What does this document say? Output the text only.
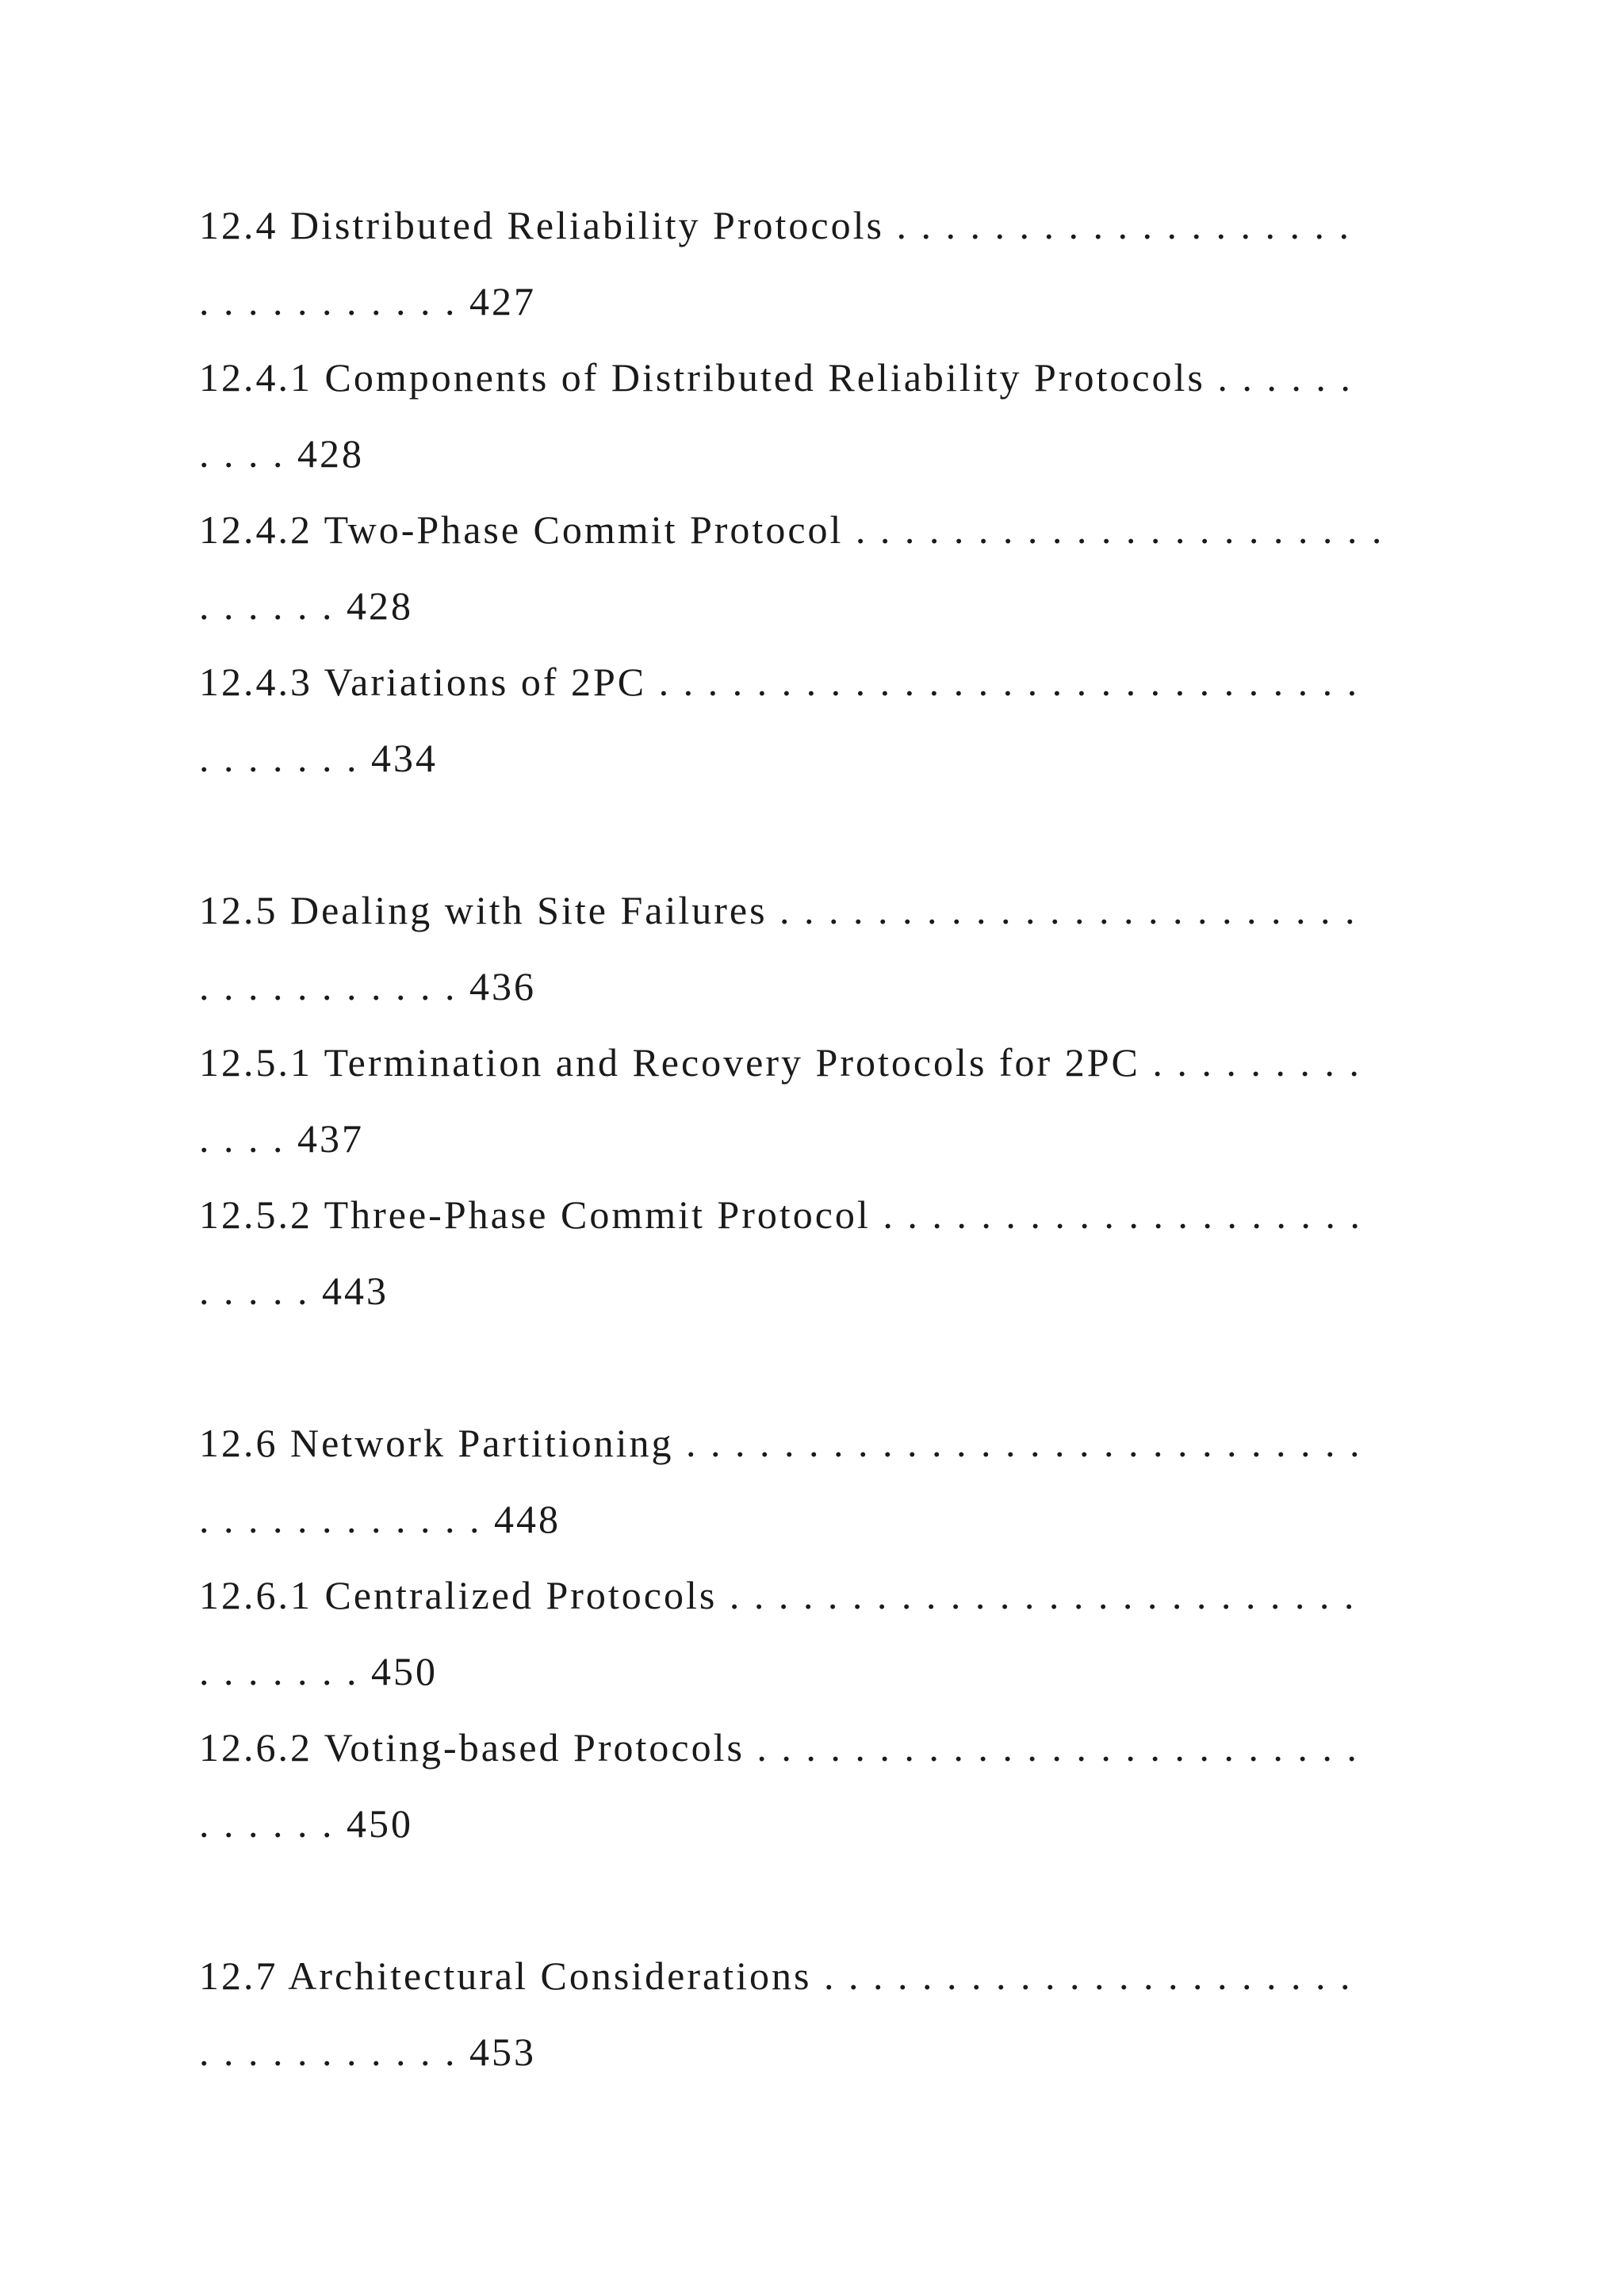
12.4 Distributed Reliability Protocols . . . . . . . . . . . . . . . . . . .
. . . . . . . . . . . 427
12.4.1 Components of Distributed Reliability Protocols . . . . . .
. . . . 428
12.4.2 Two-Phase Commit Protocol . . . . . . . . . . . . . . . . . . . . . .
. . . . . . 428
12.4.3 Variations of 2PC . . . . . . . . . . . . . . . . . . . . . . . . . . . . .
. . . . . . . 434
12.5 Dealing with Site Failures . . . . . . . . . . . . . . . . . . . . . . . .
. . . . . . . . . . . 436
12.5.1 Termination and Recovery Protocols for 2PC . . . . . . . . .
. . . . 437
12.5.2 Three-Phase Commit Protocol . . . . . . . . . . . . . . . . . . . .
. . . . . 443
12.6 Network Partitioning . . . . . . . . . . . . . . . . . . . . . . . . . . . .
. . . . . . . . . . . . 448
12.6.1 Centralized Protocols . . . . . . . . . . . . . . . . . . . . . . . . . .
. . . . . . . 450
12.6.2 Voting-based Protocols . . . . . . . . . . . . . . . . . . . . . . . . .
. . . . . . 450
12.7 Architectural Considerations . . . . . . . . . . . . . . . . . . . . . .
. . . . . . . . . . . 453
